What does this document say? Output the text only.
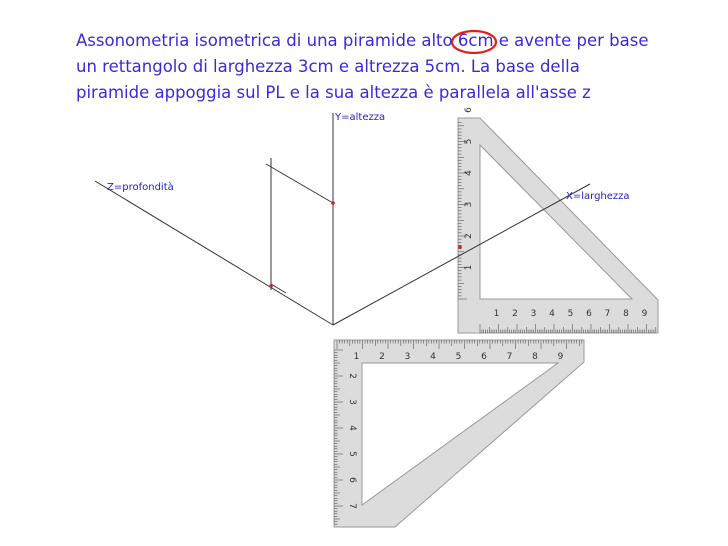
Assonometria isometrica di una piramide alto 6cm e avente per base
un rettangolo di larghezza 3cm e altrezza 5cm. La base della
piramide appoggia sul PL e la sua altezza è parallela all'asse z
1
2
3
4
5
6
1 2 3 4 5 6 7 8 9
1 2 3 4 5 6 7 8 9
2
3
4
5
6
7
Y=altezza
Z=profondità
X=larghezza
